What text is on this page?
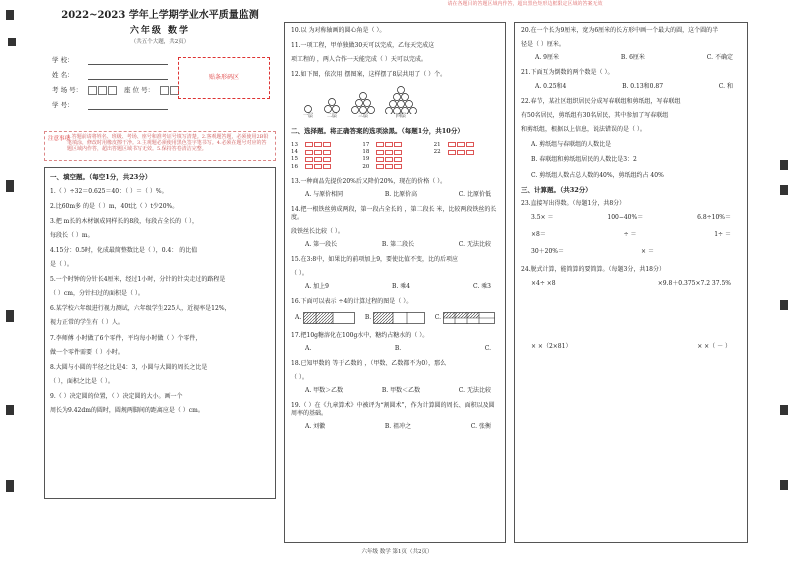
请在各题目的答题区域内作答，超出黑色矩形边框限定区域的答案无效
2022~2023 学年上学期学业水平质量监测
六年级 数学
（共五个大题，共2页）
学 校：
姓 名：
考 场 号：	座 位 号：
学 号：
贴条形码区
注意事项
1.答题前请将姓名、班级、考场、座号和准考证号填写清楚。2.客观题答题，必须使用2B铅笔填涂，修改时用橡皮擦干净。3.主观题必须使用黑色签字笔书写。4.必须在题号对应的答题区域内作答，超出答题区域书写无效。5.保持答卷清洁完整。
一、填空题。（每空1分，共23分）
1.（ ）÷32＝0.625＝40：（ ）＝（ ）%。
2.比60m多 的是（ ）m，40t比（ ）t少20%。
3.把 m长的木材锯成同样长的8段，每段占全长的（ ），
每段长（ ）m。
4.15分：0.5时，化成最简整数比是（ ），0.4： 的比值
是（ ）。
5.一个时钟的分针长4厘米，经过1小时，分针的针尖走过的路程是
（ ）cm，分针扫过的面积是（ ）。
6.某学校六年级进行视力测试，六年级学生225人，近视率是12%，
视力正常的学生有（ ）人。
7.李师傅 小时做了6个零件，平均每小时做（ ）个零件，
做一个零件需要（ ）小时。
8.大圆与小圆的半径之比是4：3，小圆与大圆的周长之比是
（ ），面积之比是（ ）。
9.（ ）决定圆的位置，（ ）决定圆的大小。画一个
周长为9.42dm的圆时，圆规两脚间的距离应是（ ）cm。
10.以 为对称轴画的圆心角是（ ）。
11.一项工程，甲单独做30天可以完成，乙每天完成这
项工程的 ，两人合作一天能完成（ ）天可以完成。
12.如下图，依次用 摆图案，这样摆了8层共用了（ ）个。
一层	二层	三层	四层
二、选择题。将正确答案的选项涂黑。（每题1分，共10分）
13	17	21
14	18	22
15	19
16	20
13.一种商品先提价20%后又降价20%，现在的价格（ ）。
A. 与原价相同	B. 比原价高	C. 比原价低
14.把一根铁丝剪成两段，第一段占全长的 ，第二段长 米，比较两段铁丝的长度。
段铁丝长比较（ ）。
A. 第一段长	B. 第二段长	C. 无法比较
15.在3:8中，如果比的前项加上9，要使比值不变，比的后项应
（ ）。
A. 加上9	B. 乘4	C. 乘3
16.下面可以表示 ÷4的计算过程的图是（ ）。
A.	B.	C.
17.把10g糖溶化在100g水中，糖约占糖水的（ ）。
A.	B.	C.
18.已知甲数的 等于乙数的 ，（甲数、乙数都不为0），那么
（ ）。
A. 甲数＞乙数	B. 甲数＜乙数	C. 无法比较
19.（ ）在《九章算术》中被评为“割圆术”，作为计算圆的周长、面积以及圆周率的基础。
A. 刘徽	B. 祖冲之	C. 张衡
20.在一个长为9厘米，宽为6厘米的长方形中画一个最大的圆，这个圆的半
径是（ ）厘米。
A. 9厘米	B. 6厘米	C. 不确定
21.下面互为倒数的两个数是（ ）。
A. 0.25和4	B. 0.13和0.87	C. 和
22.春节，某社区组织居民分成写春联组和剪纸组，写春联组
有50名居民，剪纸组有30名居民，其中参加了写春联组
和剪纸组，根据以上信息，说法错误的是（ ）。
A. 剪纸组与春联组的人数比是
B. 春联组和剪纸组居民的人数比是3：2
C. 剪纸组人数占总人数的40%，剪纸组约占 40%
三、计算题。（共32分）
23.直接写出得数。（每题1分，共8分）
3.5× ＝	100−40%＝	6.8÷10%＝
×8＝	÷ ＝	1÷ ＝
30＋20%＝	× ＝
24.脱式计算，能简算的要简算。（每题3分，共18分）
×4÷ ×8	×9.8＋0.375×7.2 37.5%
× ×（2×81）	× ×（ － ）
六年级 数学 第1页（共2页）
